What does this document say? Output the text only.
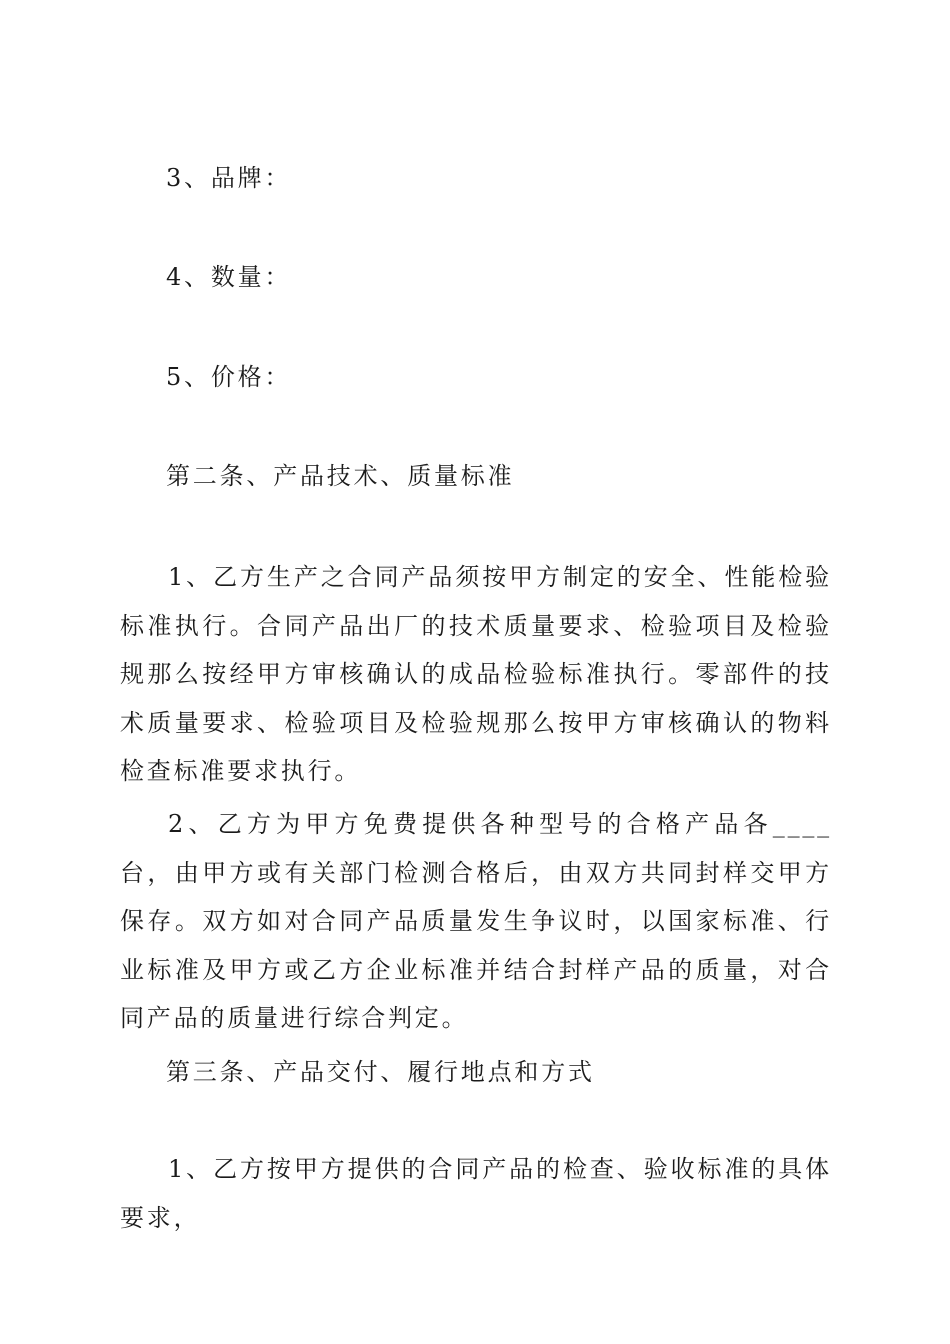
3、品牌：
4、数量：
5、价格：
第二条、产品技术、质量标准
1、乙方生产之合同产品须按甲方制定的安全、性能检验标准执行。合同产品出厂的技术质量要求、检验项目及检验规那么按经甲方审核确认的成品检验标准执行。零部件的技术质量要求、检验项目及检验规那么按甲方审核确认的物料检查标准要求执行。
2、乙方为甲方免费提供各种型号的合格产品各____台，由甲方或有关部门检测合格后，由双方共同封样交甲方保存。双方如对合同产品质量发生争议时，以国家标准、行业标准及甲方或乙方企业标准并结合封样产品的质量，对合同产品的质量进行综合判定。
第三条、产品交付、履行地点和方式
1、乙方按甲方提供的合同产品的检查、验收标准的具体要求，
